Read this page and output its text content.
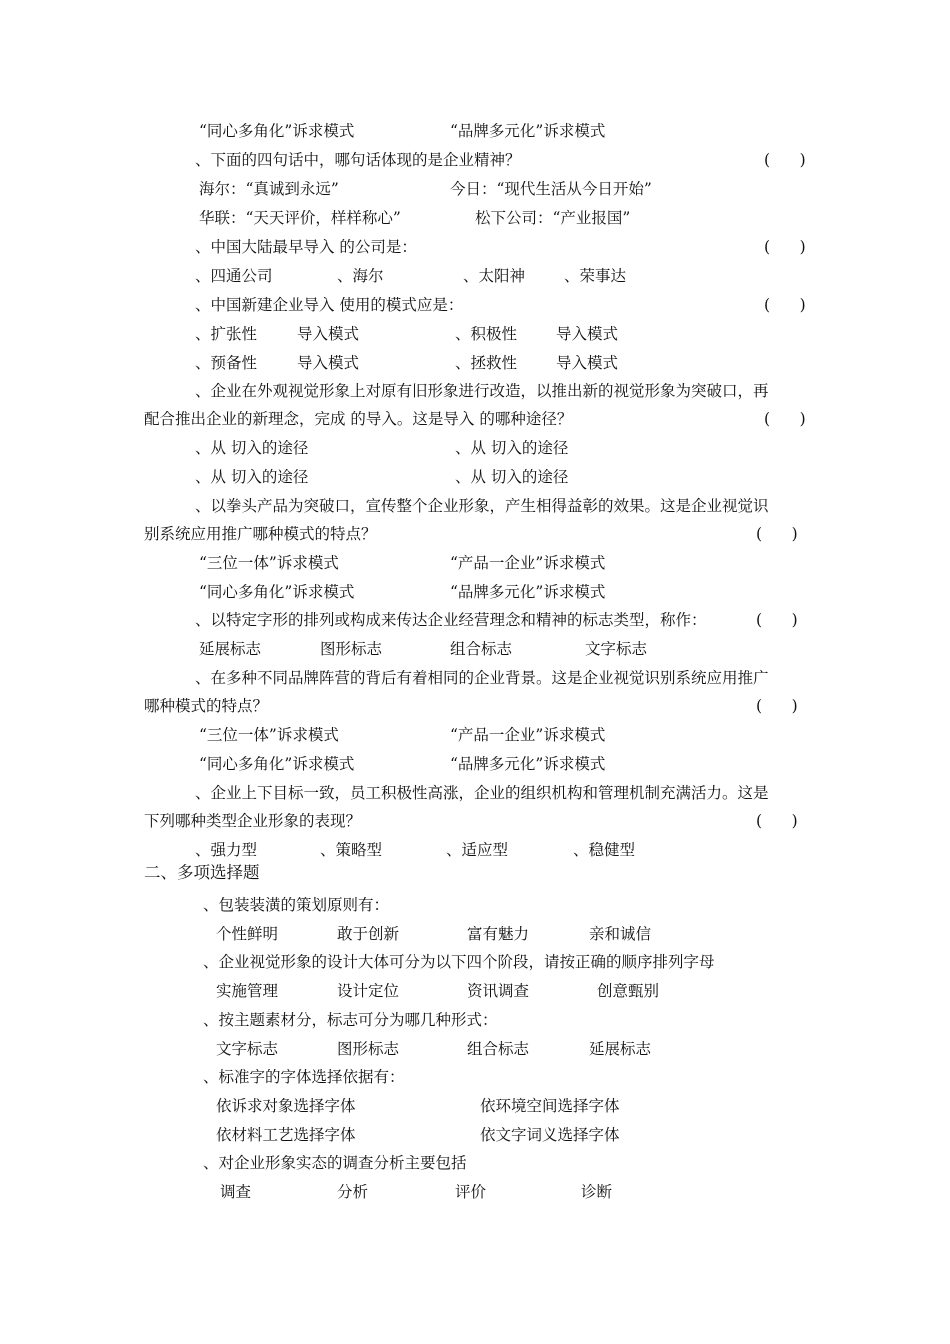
“同心多角化”诉求模式	“品牌多元化”诉求模式
、下面的四句话中，哪句话体现的是企业精神？	(      )
海尔：“真诚到永远”	今日：“现代生活从今日开始”
华联：“天天评价，样样称心”	松下公司：“产业报国”
、中国大陆最早导入 的公司是：	(      )
、四通公司	、海尔	、太阳神	、荣事达
、中国新建企业导入 使用的模式应是：	(      )
、扩张性	导入模式	、积极性	导入模式
、预备性	导入模式	、拯救性	导入模式
、企业在外观视觉形象上对原有旧形象进行改造，以推出新的视觉形象为突破口，再
配合推出企业的新理念，完成 的导入。这是导入 的哪种途径？	(      )
、从 切入的途径	、从 切入的途径
、从 切入的途径	、从 切入的途径
、以拳头产品为突破口，宣传整个企业形象，产生相得益彰的效果。这是企业视觉识
别系统应用推广哪种模式的特点？	(      )
“三位一体”诉求模式	“产品一企业”诉求模式
“同心多角化”诉求模式	“品牌多元化”诉求模式
、以特定字形的排列或构成来传达企业经营理念和精神的标志类型，称作：	(      )
延展标志	图形标志	组合标志	文字标志
、在多种不同品牌阵营的背后有着相同的企业背景。这是企业视觉识别系统应用推广
哪种模式的特点？	(      )
“三位一体”诉求模式	“产品一企业”诉求模式
“同心多角化”诉求模式	“品牌多元化”诉求模式
、企业上下目标一致，员工积极性高涨，企业的组织机构和管理机制充满活力。这是
下列哪种类型企业形象的表现？	(      )
、强力型	、策略型	、适应型	、稳健型
二、多项选择题
、包装装潢的策划原则有：
个性鲜明	敢于创新	富有魅力	亲和诚信
、企业视觉形象的设计大体可分为以下四个阶段，请按正确的顺序排列字母
实施管理	设计定位	资讯调查	创意甄别
、按主题素材分，标志可分为哪几种形式：
文字标志	图形标志	组合标志	延展标志
、标准字的字体选择依据有：
依诉求对象选择字体	依环境空间选择字体
依材料工艺选择字体	依文字词义选择字体
、对企业形象实态的调查分析主要包括
调查	分析	评价	诊断
